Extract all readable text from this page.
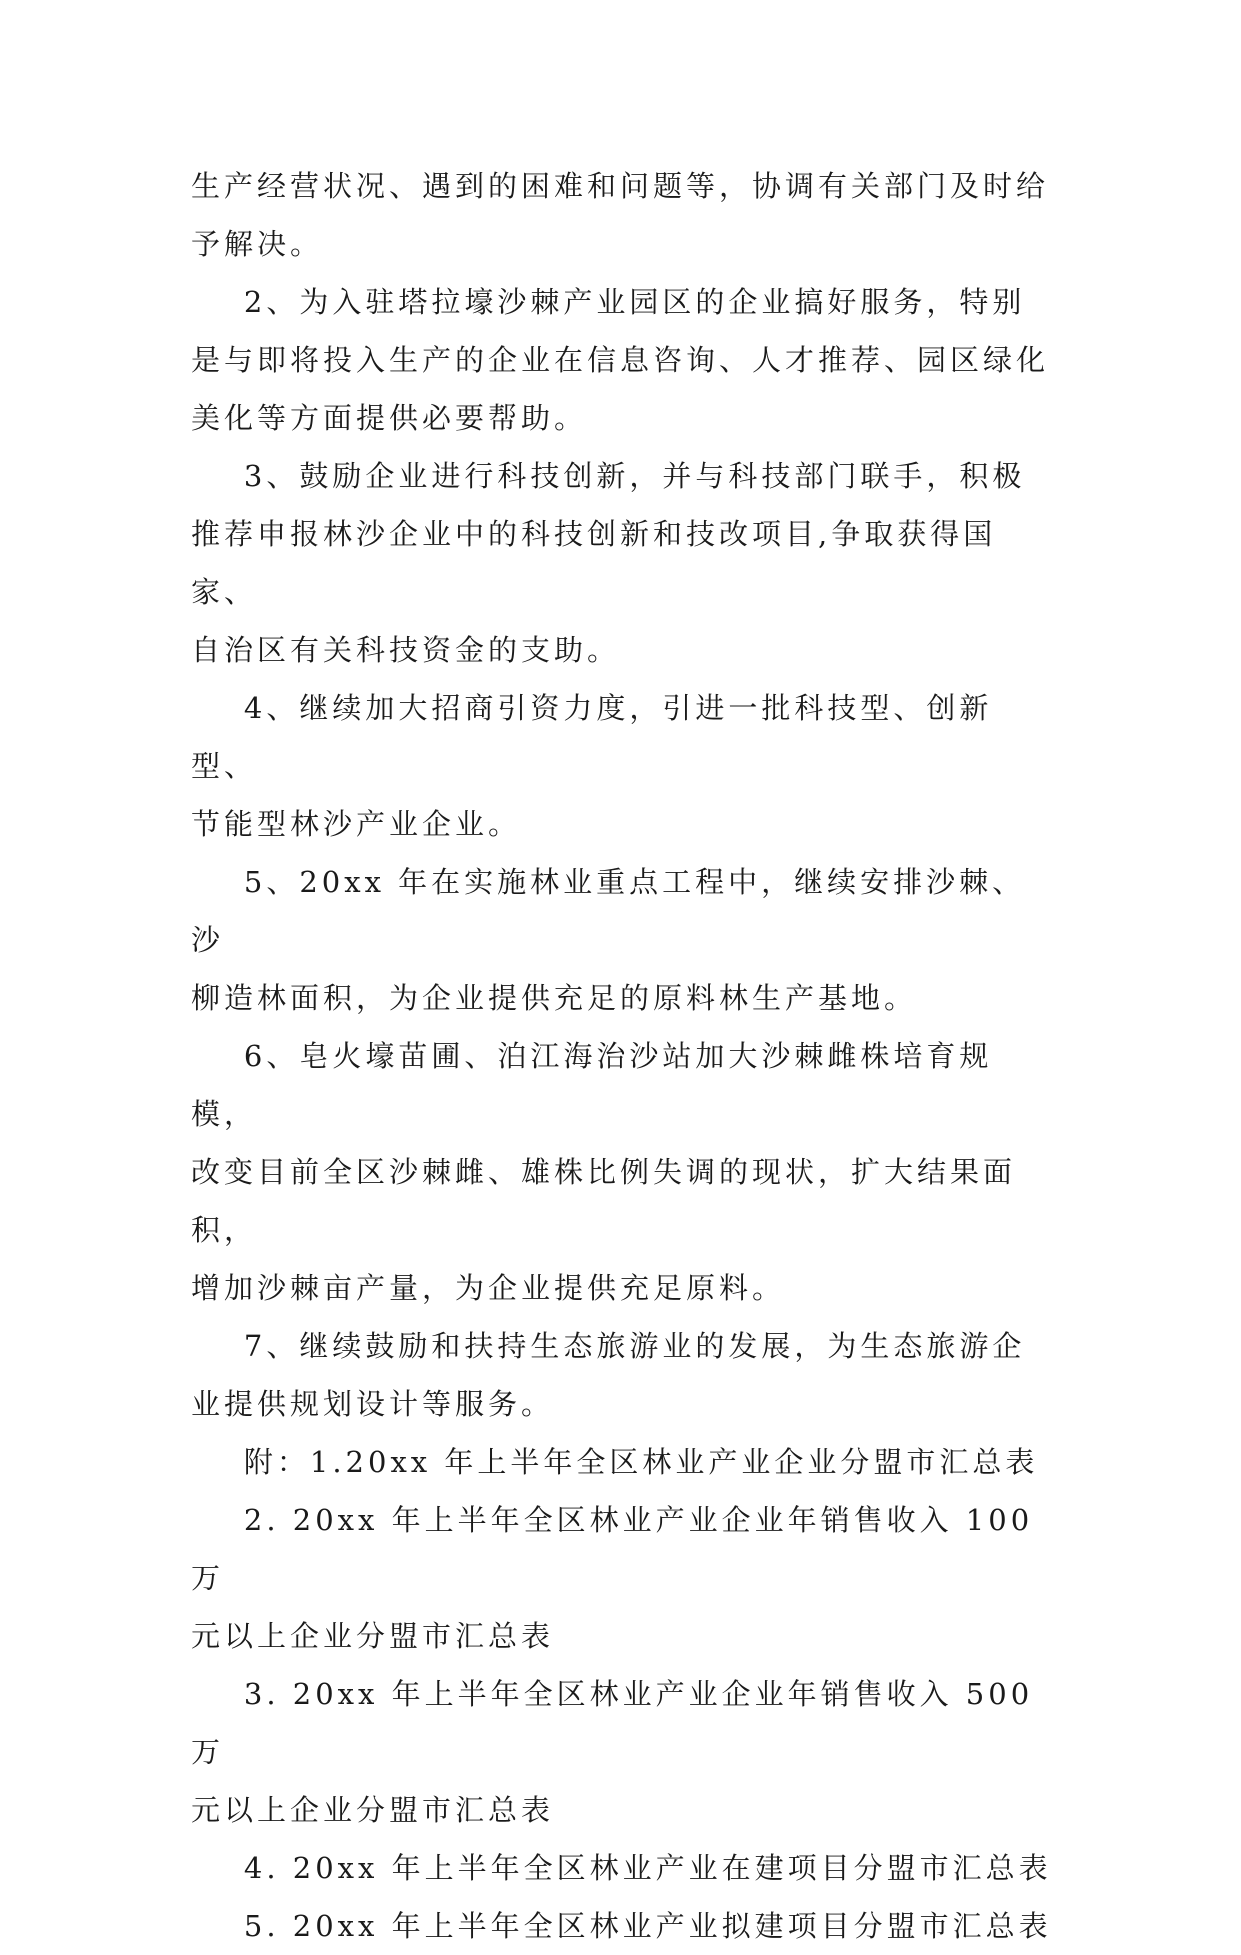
生产经营状况、遇到的困难和问题等，协调有关部门及时给

予解决。

2、为入驻塔拉壕沙棘产业园区的企业搞好服务，特别

是与即将投入生产的企业在信息咨询、人才推荐、园区绿化

美化等方面提供必要帮助。

3、鼓励企业进行科技创新，并与科技部门联手，积极

推荐申报林沙企业中的科技创新和技改项目,争取获得国家、

自治区有关科技资金的支助。

4、继续加大招商引资力度，引进一批科技型、创新型、

节能型林沙产业企业。

5、20xx 年在实施林业重点工程中，继续安排沙棘、沙

柳造林面积，为企业提供充足的原料林生产基地。

6、皂火壕苗圃、泊江海治沙站加大沙棘雌株培育规模，

改变目前全区沙棘雌、雄株比例失调的现状，扩大结果面积，

增加沙棘亩产量，为企业提供充足原料。

7、继续鼓励和扶持生态旅游业的发展，为生态旅游企

业提供规划设计等服务。

附：1.20xx 年上半年全区林业产业企业分盟市汇总表

2. 20xx 年上半年全区林业产业企业年销售收入 100 万

元以上企业分盟市汇总表

3. 20xx 年上半年全区林业产业企业年销售收入 500 万

元以上企业分盟市汇总表

4. 20xx 年上半年全区林业产业在建项目分盟市汇总表

5. 20xx 年上半年全区林业产业拟建项目分盟市汇总表
